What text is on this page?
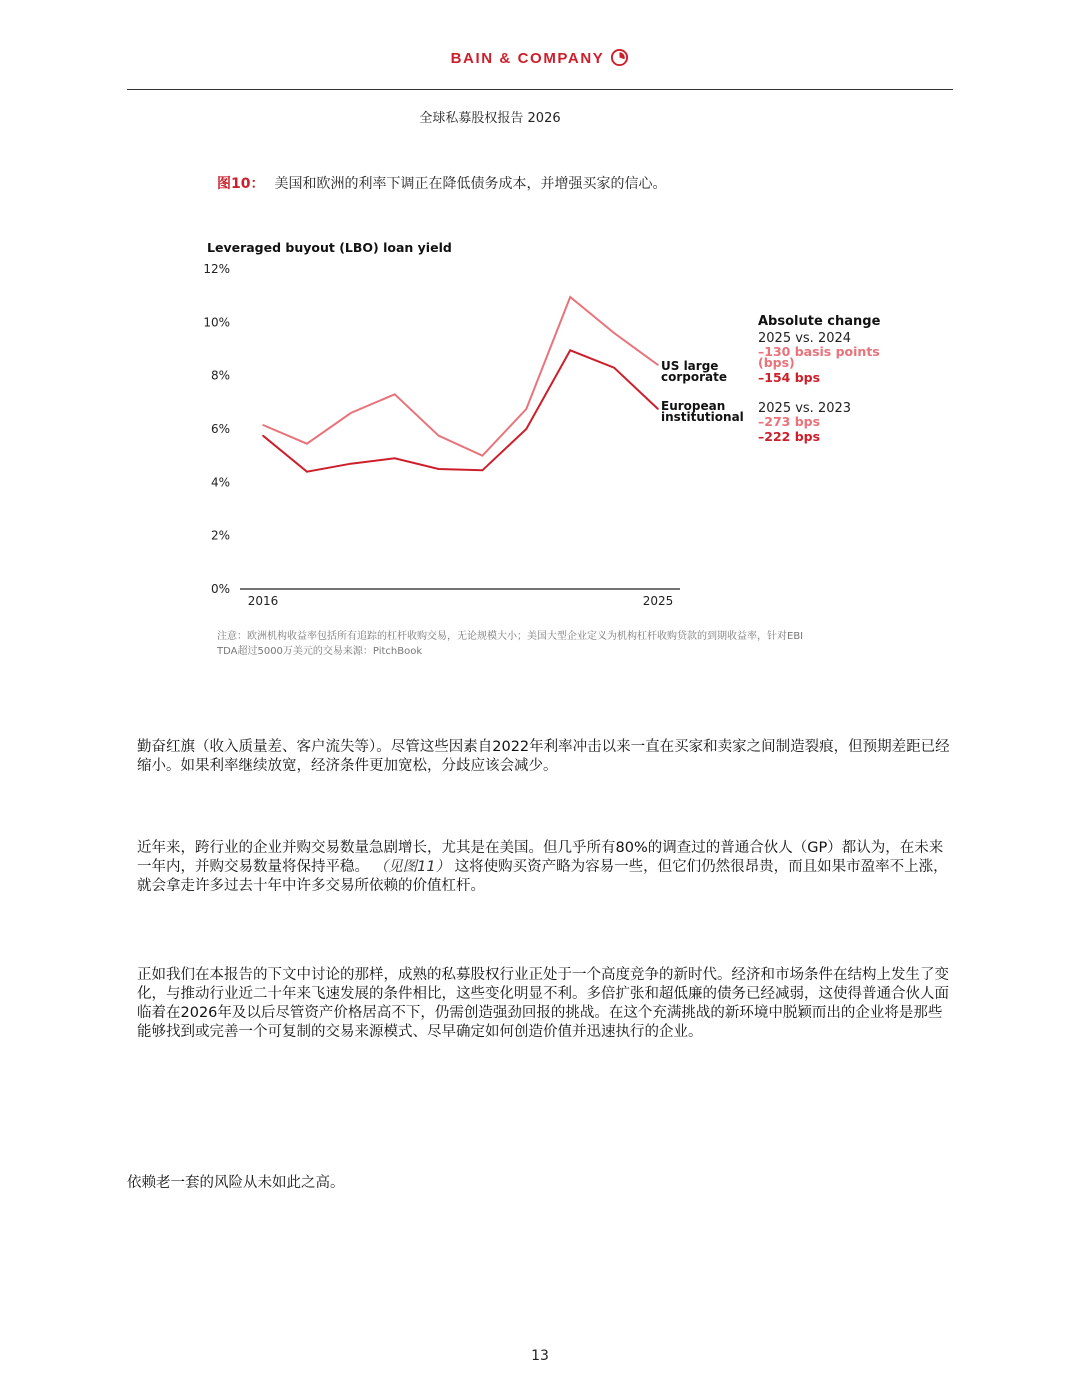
BAIN & COMPANY
全球私募股权报告 2026
图10： 美国和欧洲的利率下调正在降低债务成本，并增强买家的信心。
Leveraged buyout (LBO) loan yield
0%
2%
4%
6%
8%
10%
12%
2016	2025
US large
corporate
European
institutional
Absolute change
2025 vs. 2024
–130 basis points
(bps)
–154 bps
2025 vs. 2023
–273 bps
–222 bps
注意：欧洲机构收益率包括所有追踪的杠杆收购交易，无论规模大小；美国大型企业定义为机构杠杆收购贷款的到期收益率，针对EBI
TDA超过5000万美元的交易来源：PitchBook

勤奋红旗（收入质量差、客户流失等）。尽管这些因素自2022年利率冲击以来一直在买家和卖家之间制造裂痕，但预期差距已经缩小。如果利率继续放宽，经济条件更加宽松，分歧应该会减少。

近年来，跨行业的企业并购交易数量急剧增长，尤其是在美国。但几乎所有80%的调查过的普通合伙人（GP）都认为，在未来一年内，并购交易数量将保持平稳。 （见图11） 这将使购买资产略为容易一些，但它们仍然很昂贵，而且如果市盈率不上涨，就会拿走许多过去十年中许多交易所依赖的价值杠杆。

正如我们在本报告的下文中讨论的那样，成熟的私募股权行业正处于一个高度竞争的新时代。经济和市场条件在结构上发生了变化，与推动行业近二十年来飞速发展的条件相比，这些变化明显不利。多倍扩张和超低廉的债务已经减弱，这使得普通合伙人面临着在2026年及以后尽管资产价格居高不下，仍需创造强劲回报的挑战。在这个充满挑战的新环境中脱颖而出的企业将是那些能够找到或完善一个可复制的交易来源模式、尽早确定如何创造价值并迅速执行的企业。

依赖老一套的风险从未如此之高。

13
